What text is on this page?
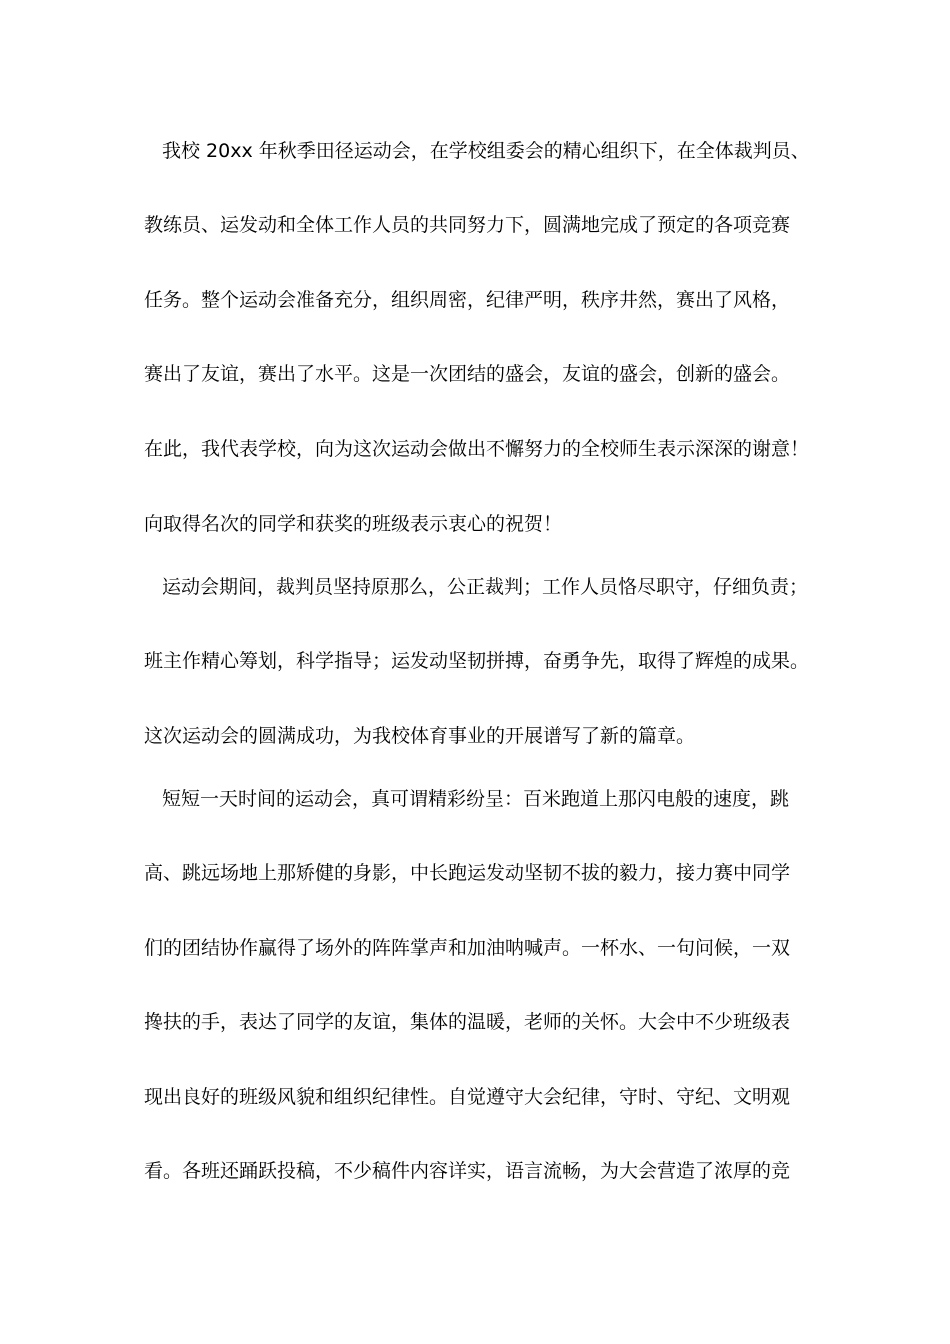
我校 20xx 年秋季田径运动会，在学校组委会的精心组织下，在全体裁判员、
教练员、运发动和全体工作人员的共同努力下，圆满地完成了预定的各项竞赛
任务。整个运动会准备充分，组织周密，纪律严明，秩序井然，赛出了风格，
赛出了友谊，赛出了水平。这是一次团结的盛会，友谊的盛会，创新的盛会。
在此，我代表学校，向为这次运动会做出不懈努力的全校师生表示深深的谢意！
向取得名次的同学和获奖的班级表示衷心的祝贺！
运动会期间，裁判员坚持原那么，公正裁判；工作人员恪尽职守，仔细负责；
班主作精心筹划，科学指导；运发动坚韧拼搏，奋勇争先，取得了辉煌的成果。
这次运动会的圆满成功，为我校体育事业的开展谱写了新的篇章。
短短一天时间的运动会，真可谓精彩纷呈：百米跑道上那闪电般的速度，跳
高、跳远场地上那矫健的身影，中长跑运发动坚韧不拔的毅力，接力赛中同学
们的团结协作赢得了场外的阵阵掌声和加油呐喊声。一杯水、一句问候，一双
搀扶的手，表达了同学的友谊，集体的温暖，老师的关怀。大会中不少班级表
现出良好的班级风貌和组织纪律性。自觉遵守大会纪律，守时、守纪、文明观
看。各班还踊跃投稿，不少稿件内容详实，语言流畅，为大会营造了浓厚的竞
